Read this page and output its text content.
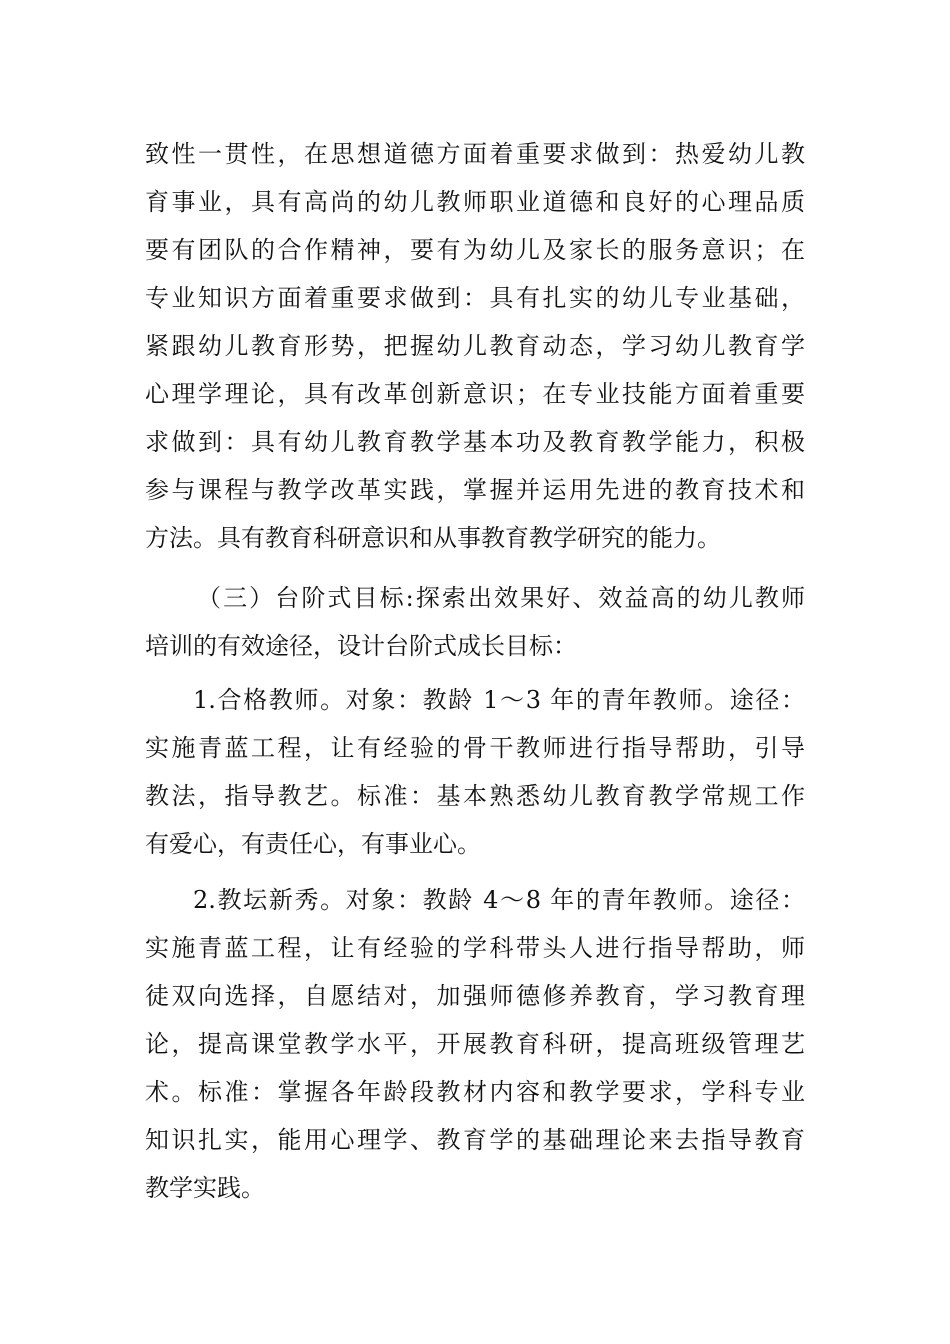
致性一贯性，在思想道德方面着重要求做到：热爱幼儿教
育事业，具有高尚的幼儿教师职业道德和良好的心理品质
要有团队的合作精神，要有为幼儿及家长的服务意识；在
专业知识方面着重要求做到：具有扎实的幼儿专业基础，
紧跟幼儿教育形势，把握幼儿教育动态，学习幼儿教育学
心理学理论，具有改革创新意识；在专业技能方面着重要
求做到：具有幼儿教育教学基本功及教育教学能力，积极
参与课程与教学改革实践，掌握并运用先进的教育技术和
方法。具有教育科研意识和从事教育教学研究的能力。
（三）台阶式目标:探索出效果好、效益高的幼儿教师
培训的有效途径，设计台阶式成长目标：
1.合格教师。对象：教龄 1～3 年的青年教师。途径：
实施青蓝工程，让有经验的骨干教师进行指导帮助，引导
教法，指导教艺。标准：基本熟悉幼儿教育教学常规工作
有爱心，有责任心，有事业心。
2.教坛新秀。对象：教龄 4～8 年的青年教师。途径：
实施青蓝工程，让有经验的学科带头人进行指导帮助，师
徒双向选择，自愿结对，加强师德修养教育，学习教育理
论，提高课堂教学水平，开展教育科研，提高班级管理艺
术。标准：掌握各年龄段教材内容和教学要求，学科专业
知识扎实，能用心理学、教育学的基础理论来去指导教育
教学实践。
